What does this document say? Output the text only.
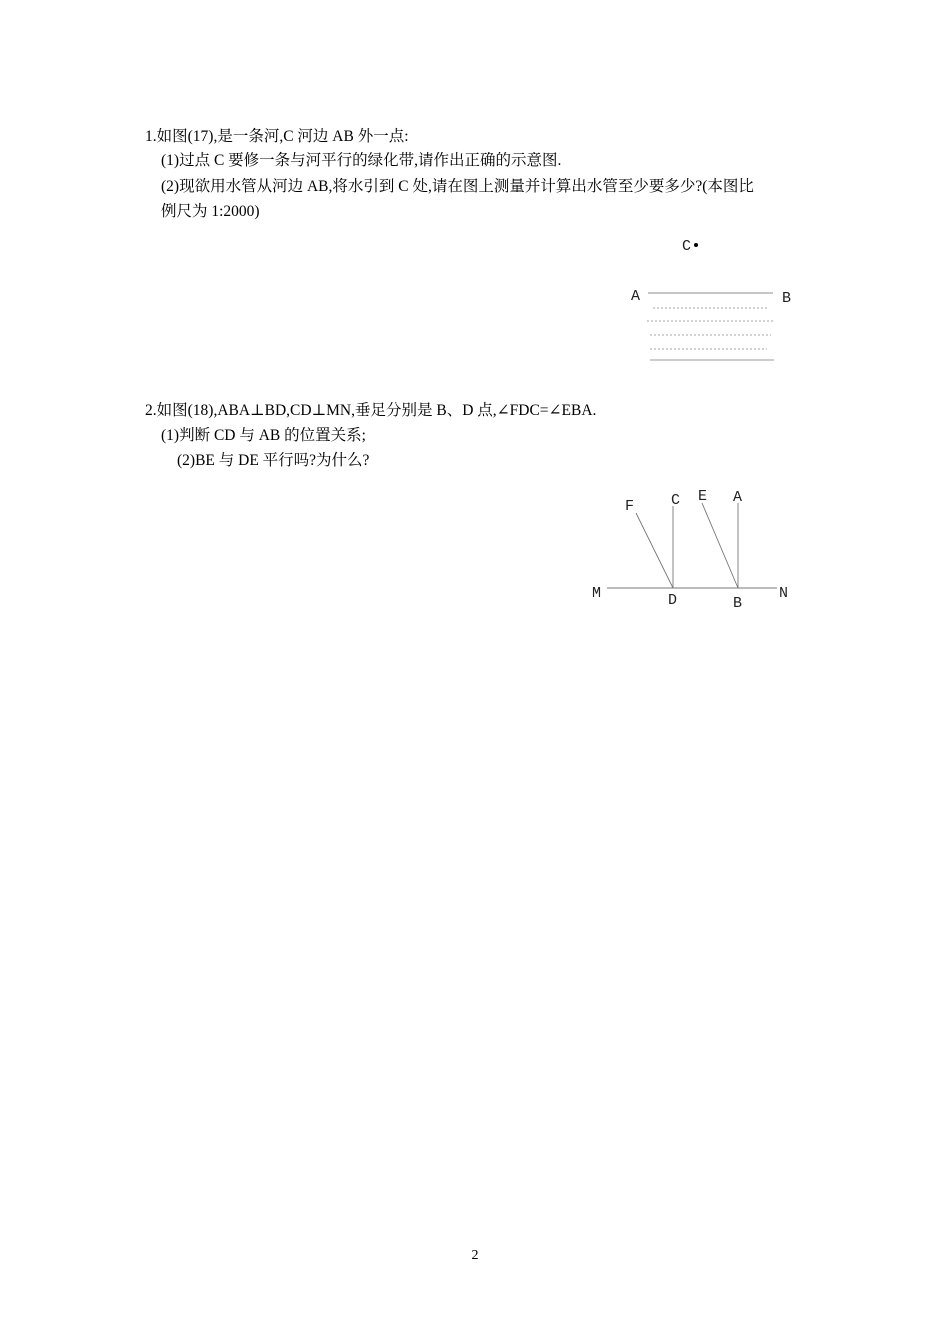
1.如图(17),是一条河,C 河边 AB 外一点:
(1)过点 C 要修一条与河平行的绿化带,请作出正确的示意图.
(2)现欲用水管从河边 AB,将水引到 C 处,请在图上测量并计算出水管至少要多少?(本图比
例尺为 1:2000)
C
A	B
2.如图(18),ABA⊥BD,CD⊥MN,垂足分别是 B、D 点,∠FDC=∠EBA.
(1)判断 CD 与 AB 的位置关系;
(2)BE 与 DE 平行吗?为什么?
F C E A
M	D	B
N
2
